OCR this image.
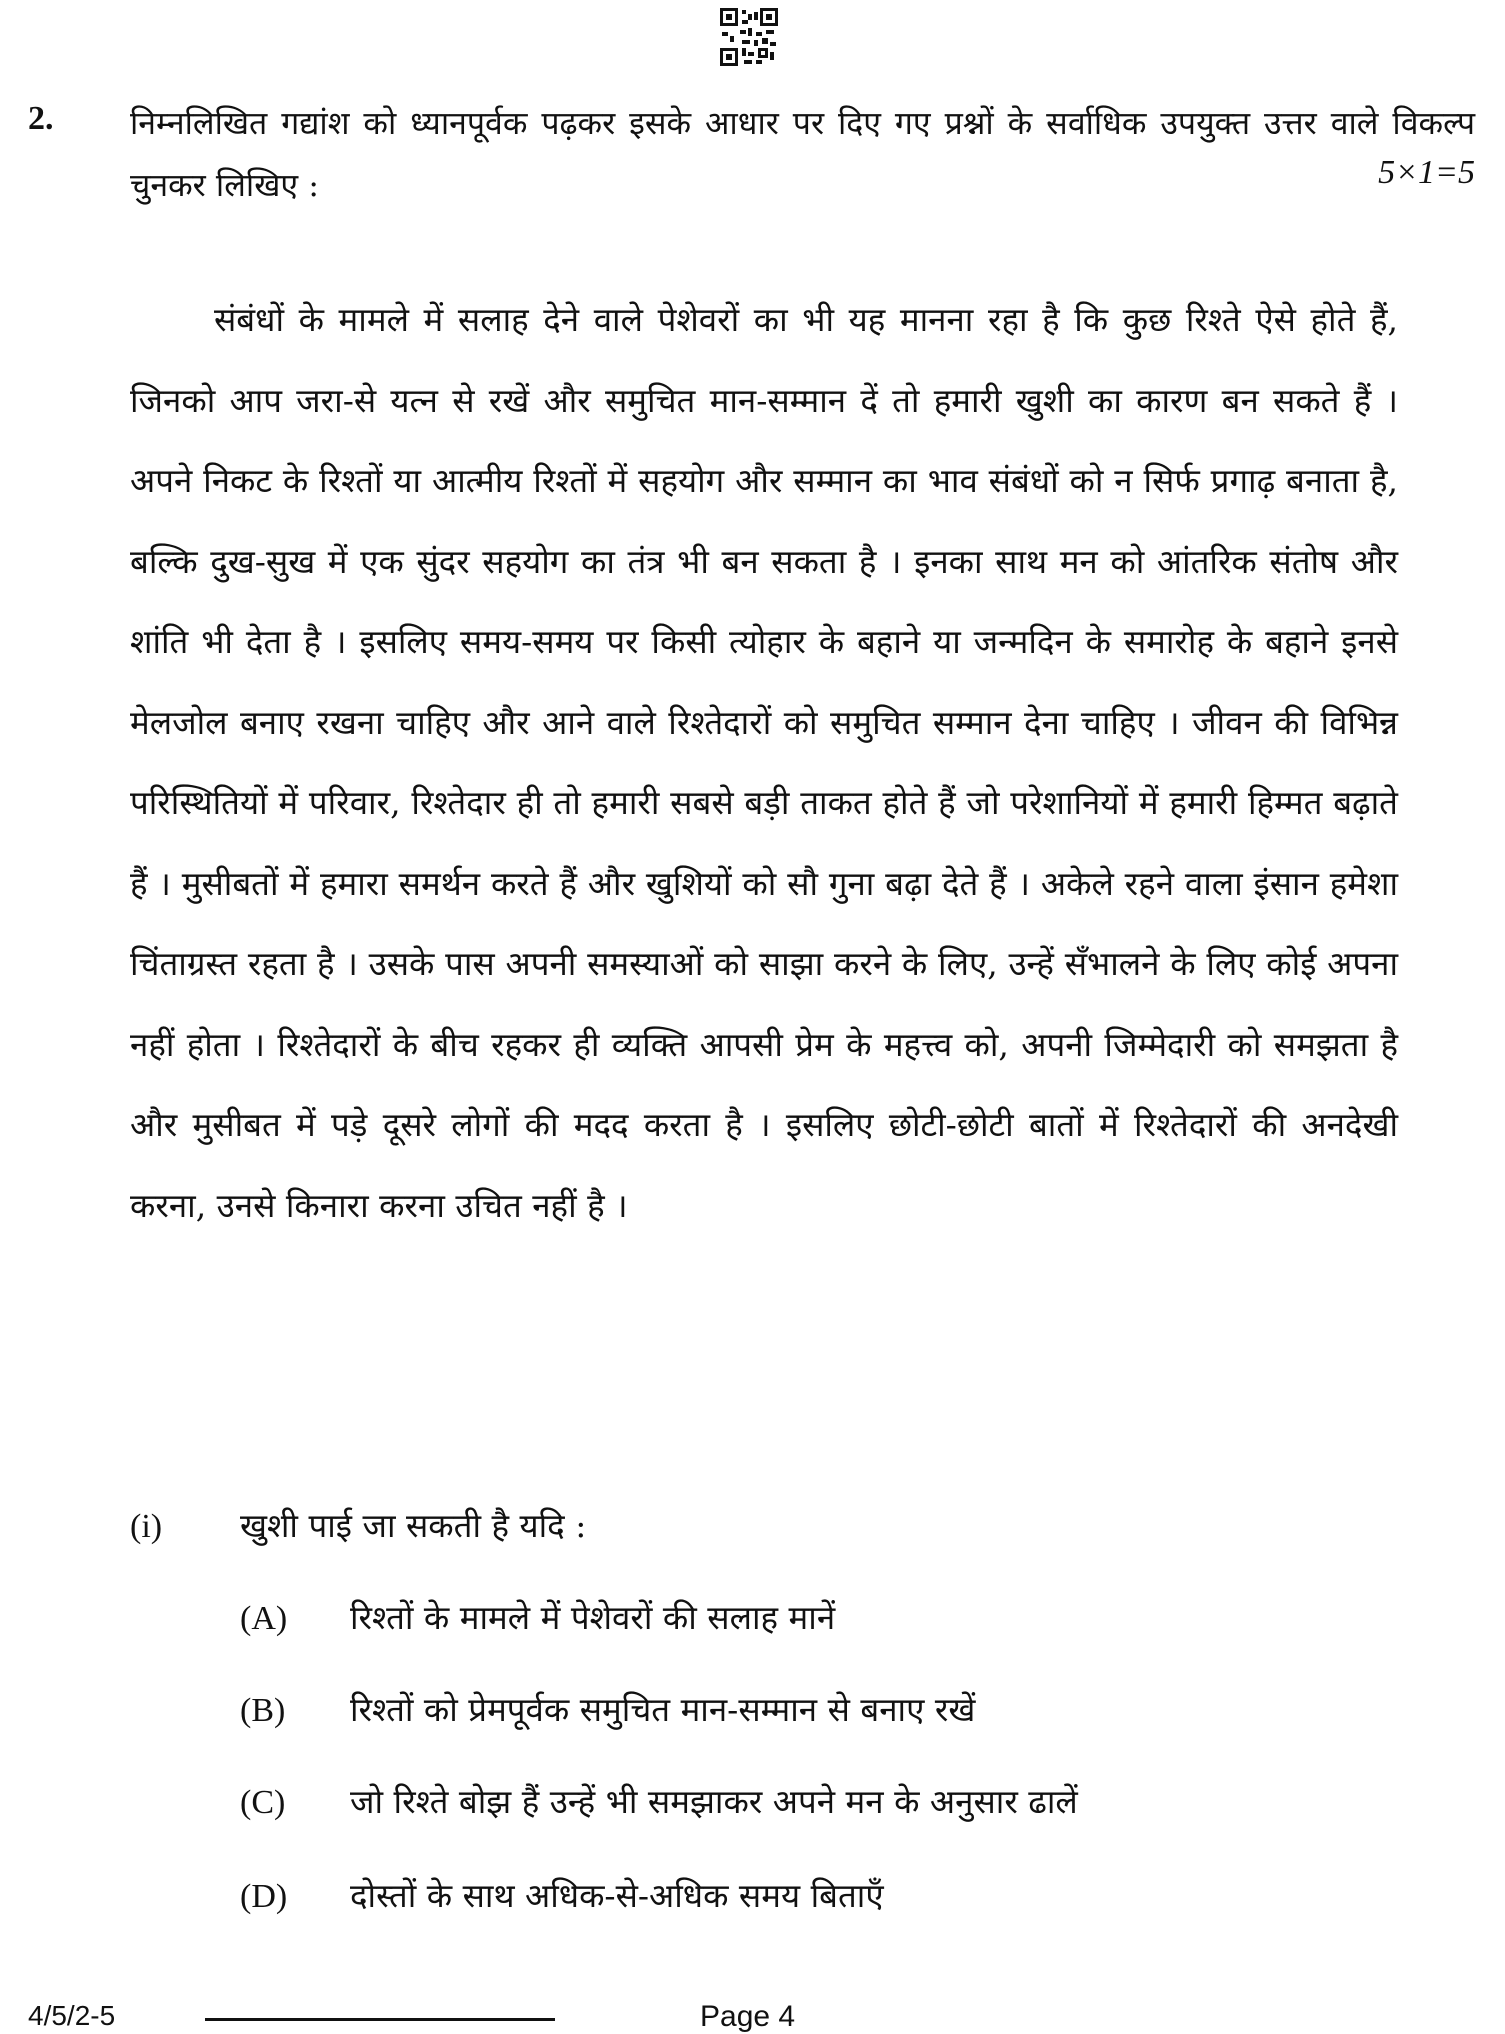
2. निम्नलिखित गद्यांश को ध्यानपूर्वक पढ़कर इसके आधार पर दिए गए प्रश्नों के सर्वाधिक उपयुक्त उत्तर वाले विकल्प चुनकर लिखिए :	5×1=5

संबंधों के मामले में सलाह देने वाले पेशेवरों का भी यह मानना रहा है कि कुछ रिश्ते ऐसे होते हैं, जिनको आप जरा-से यत्न से रखें और समुचित मान-सम्मान दें तो हमारी खुशी का कारण बन सकते हैं । अपने निकट के रिश्तों या आत्मीय रिश्तों में सहयोग और सम्मान का भाव संबंधों को न सिर्फ प्रगाढ़ बनाता है, बल्कि दुख-सुख में एक सुंदर सहयोग का तंत्र भी बन सकता है । इनका साथ मन को आंतरिक संतोष और शांति भी देता है । इसलिए समय-समय पर किसी त्योहार के बहाने या जन्मदिन के समारोह के बहाने इनसे मेलजोल बनाए रखना चाहिए और आने वाले रिश्तेदारों को समुचित सम्मान देना चाहिए । जीवन की विभिन्न परिस्थितियों में परिवार, रिश्तेदार ही तो हमारी सबसे बड़ी ताकत होते हैं जो परेशानियों में हमारी हिम्मत बढ़ाते हैं । मुसीबतों में हमारा समर्थन करते हैं और खुशियों को सौ गुना बढ़ा देते हैं । अकेले रहने वाला इंसान हमेशा चिंताग्रस्त रहता है । उसके पास अपनी समस्याओं को साझा करने के लिए, उन्हें सँभालने के लिए कोई अपना नहीं होता । रिश्तेदारों के बीच रहकर ही व्यक्ति आपसी प्रेम के महत्त्व को, अपनी जिम्मेदारी को समझता है और मुसीबत में पड़े दूसरे लोगों की मदद करता है । इसलिए छोटी-छोटी बातों में रिश्तेदारों की अनदेखी करना, उनसे किनारा करना उचित नहीं है ।

(i) खुशी पाई जा सकती है यदि :
(A) रिश्तों के मामले में पेशेवरों की सलाह मानें
(B) रिश्तों को प्रेमपूर्वक समुचित मान-सम्मान से बनाए रखें
(C) जो रिश्ते बोझ हैं उन्हें भी समझाकर अपने मन के अनुसार ढालें
(D) दोस्तों के साथ अधिक-से-अधिक समय बिताएँ
4/5/2-5	Page 4
